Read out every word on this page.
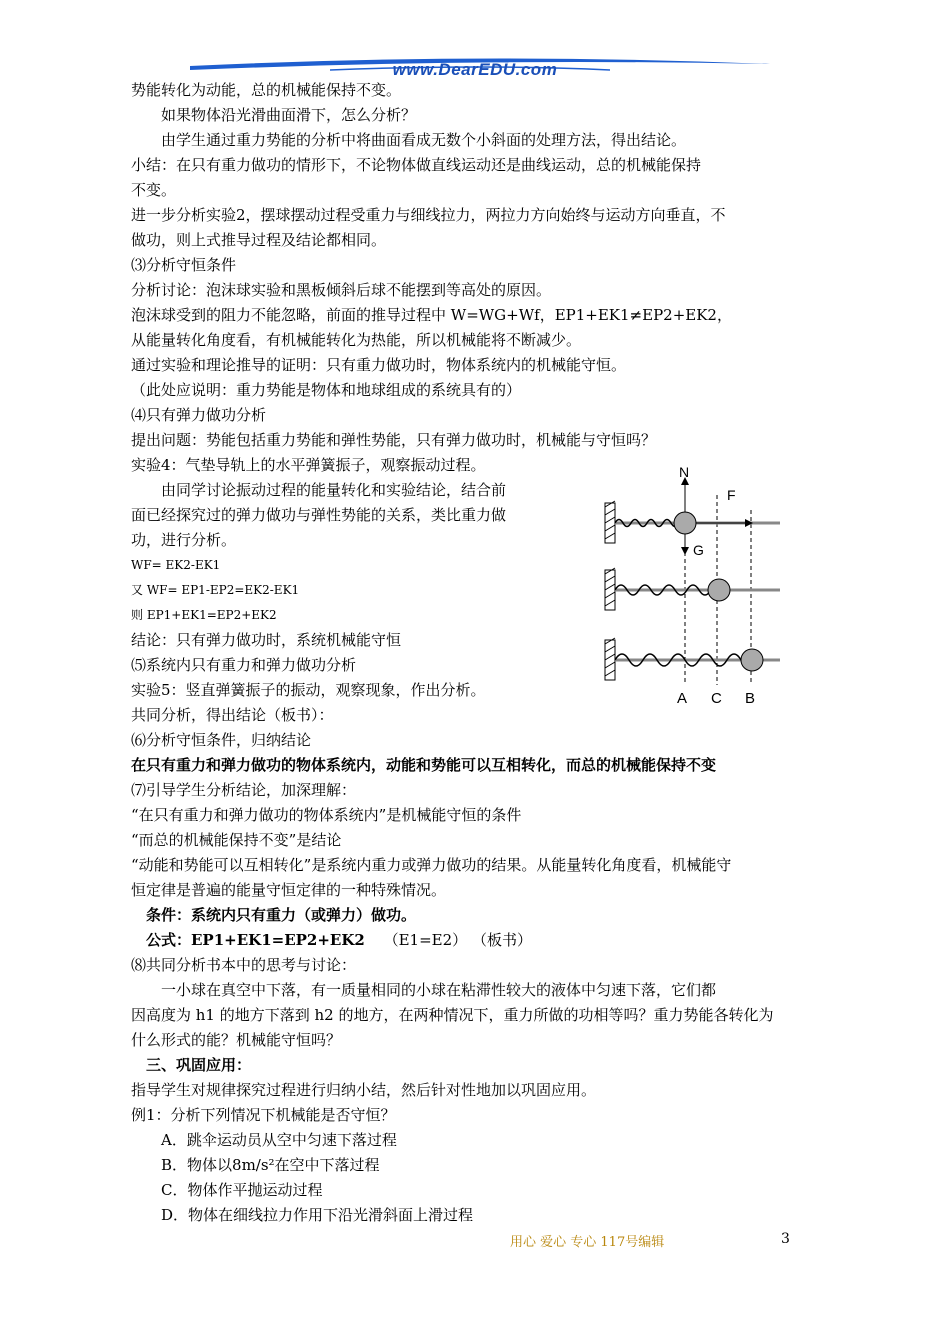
www.DearEDU.com
势能转化为动能，总的机械能保持不变。
如果物体沿光滑曲面滑下，怎么分析？
由学生通过重力势能的分析中将曲面看成无数个小斜面的处理方法，得出结论。
小结：在只有重力做功的情形下，不论物体做直线运动还是曲线运动，总的机械能保持
不变。
进一步分析实验2，摆球摆动过程受重力与细线拉力，两拉力方向始终与运动方向垂直，不
做功，则上式推导过程及结论都相同。
⑶分析守恒条件
分析讨论：泡沫球实验和黑板倾斜后球不能摆到等高处的原因。
泡沫球受到的阻力不能忽略，前面的推导过程中 W=WG+Wf，EP1+EK1≠EP2+EK2，
从能量转化角度看，有机械能转化为热能，所以机械能将不断减少。
通过实验和理论推导的证明：只有重力做功时，物体系统内的机械能守恒。
（此处应说明：重力势能是物体和地球组成的系统具有的）
⑷只有弹力做功分析
提出问题：势能包括重力势能和弹性势能，只有弹力做功时，机械能与守恒吗？
实验4：气垫导轨上的水平弹簧振子，观察振动过程。
由同学讨论振动过程的能量转化和实验结论，结合前
面已经探究过的弹力做功与弹性势能的关系，类比重力做
功，进行分析。
WF= EK2-EK1
又 WF= EP1-EP2=EK2-EK1
则 EP1+EK1=EP2+EK2
结论：只有弹力做功时，系统机械能守恒
⑸系统内只有重力和弹力做功分析
实验5：竖直弹簧振子的振动，观察现象，作出分析。
共同分析，得出结论（板书）：
⑹分析守恒条件，归纳结论
在只有重力和弹力做功的物体系统内，动能和势能可以互相转化，而总的机械能保持不变
⑺引导学生分析结论，加深理解：
“在只有重力和弹力做功的物体系统内”是机械能守恒的条件
“而总的机械能保持不变”是结论
“动能和势能可以互相转化”是系统内重力或弹力做功的结果。从能量转化角度看，机械能守
恒定律是普遍的能量守恒定律的一种特殊情况。
条件：系统内只有重力（或弹力）做功。
公式：EP1+EK1=EP2+EK2 （E1=E2） （板书）
⑻共同分析书本中的思考与讨论：
一小球在真空中下落，有一质量相同的小球在粘滞性较大的液体中匀速下落，它们都
因高度为 h1 的地方下落到 h2 的地方，在两种情况下，重力所做的功相等吗？重力势能各转化为
什么形式的能？机械能守恒吗？
三、巩固应用：
指导学生对规律探究过程进行归纳小结，然后针对性地加以巩固应用。
例1：分析下列情况下机械能是否守恒？
A．跳伞运动员从空中匀速下落过程
B．物体以8m/s²在空中下落过程
C．物体作平抛运动过程
D．物体在细线拉力作用下沿光滑斜面上滑过程
N
F
G
A C B
用心 爱心 专心 117号编辑	3
